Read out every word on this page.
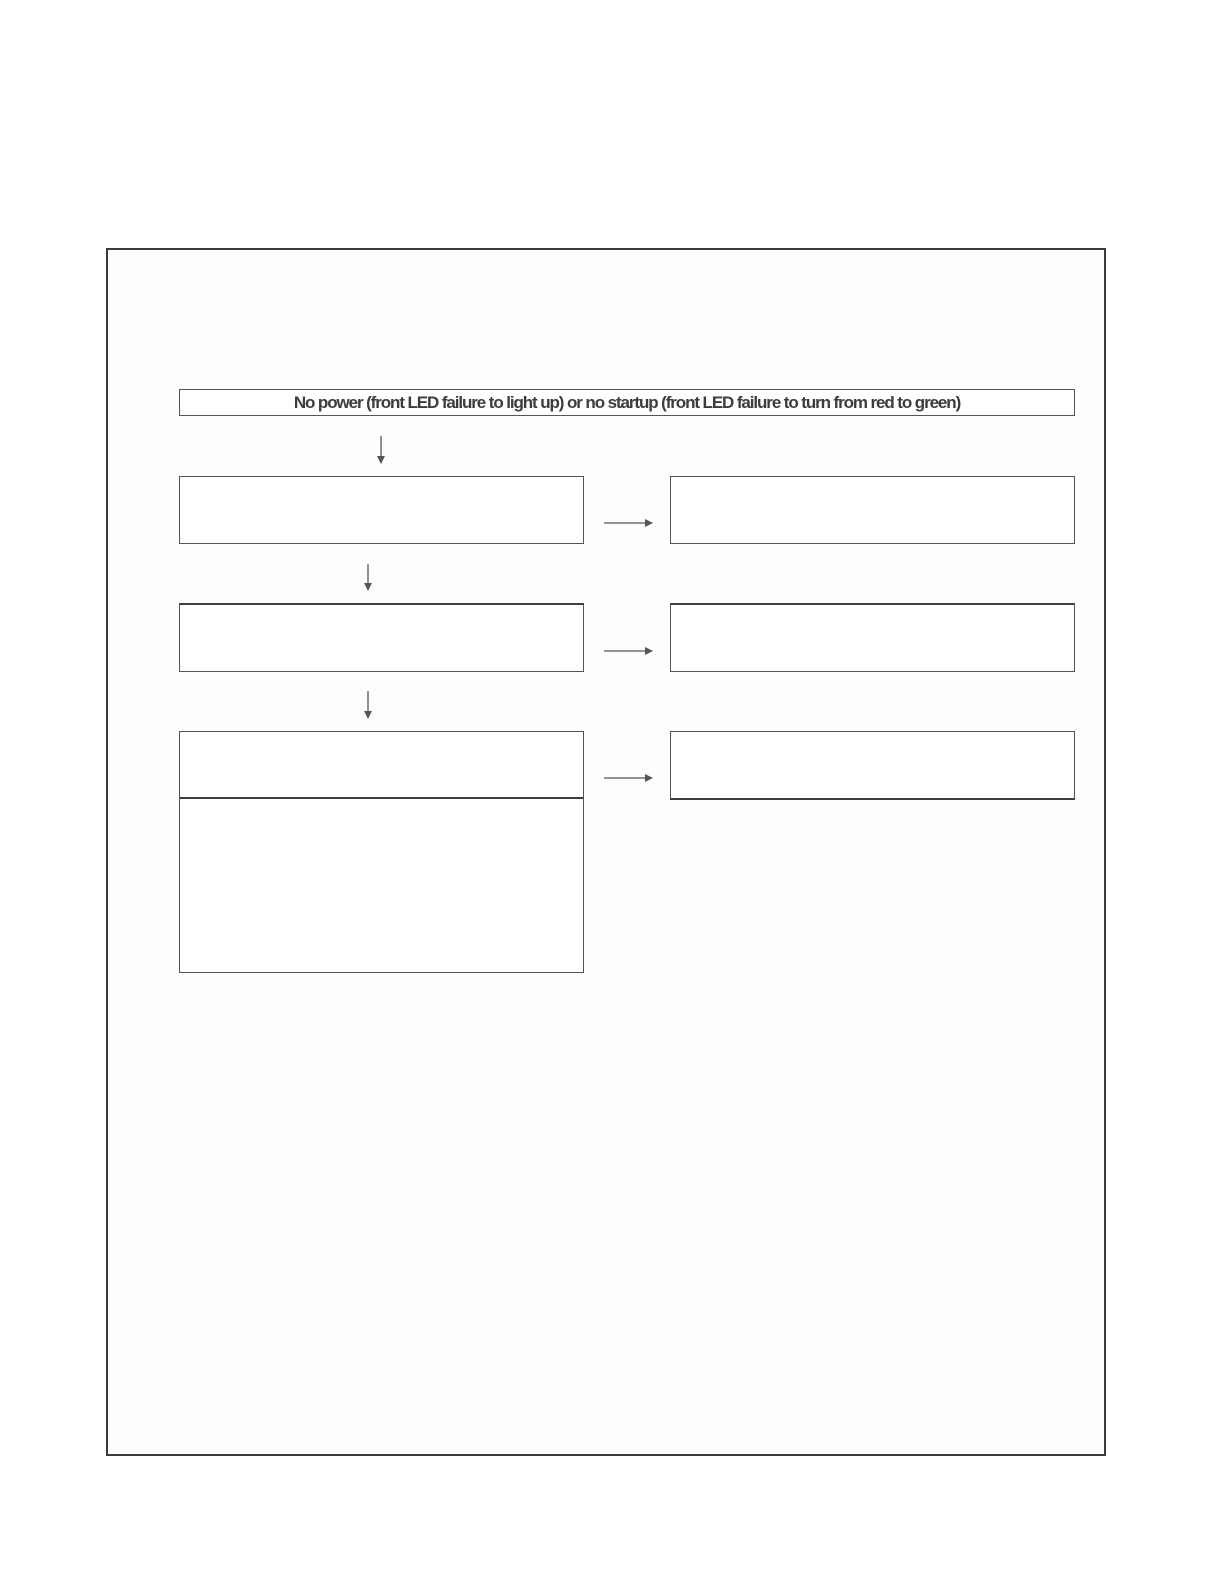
No power (front LED failure to light up) or no startup (front LED failure to turn from red to green)
